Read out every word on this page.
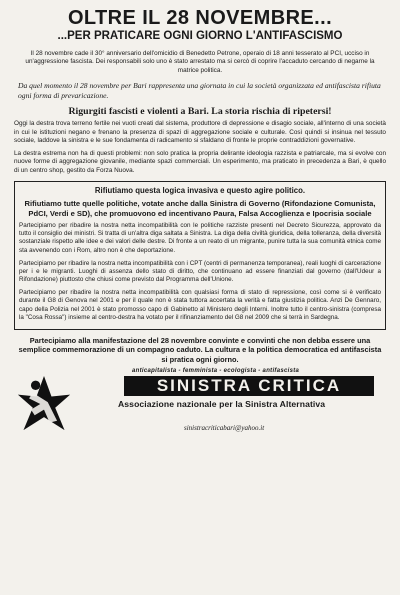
OLTRE IL 28 NOVEMBRE...
...PER PRATICARE OGNI GIORNO L'ANTIFASCISMO
Il 28 novembre cade il 30° anniversario dell'omicidio di Benedetto Petrone, operaio di 18 anni tesserato al PCI, ucciso in un'aggressione fascista. Dei responsabili solo uno è stato arrestato ma si cercò di coprire l'accaduto cercando di negarne la matrice politica.
Da quel momento il 28 novembre per Bari rappresenta una giornata in cui la società organizzata ed antifascista rifiuta ogni forma di prevaricazione.
Rigurgiti fascisti e violenti a Bari. La storia rischia di ripetersi!
Oggi la destra trova terreno fertile nei vuoti creati dal sistema, produttore di depressione e disagio sociale, all'interno di una società in cui le istituzioni negano e frenano la presenza di spazi di aggregazione sociale e culturale. Così quindi si insinua nel tessuto sociale, laddove la sinistra e le sue fondamenta di radicamento si sfaldano di fronte le proprie contraddizioni governative.
La destra estrema non ha di questi problemi: non solo pratica la propria delirante ideologia razzista e patriarcale, ma si evolve con nuove forme di aggregazione giovanile, mediante spazi commerciali. Un esperimento, ma praticato in precedenza a Bari, è quello di un centro shop, gestito da Forza Nuova.
Rifiutiamo questa logica invasiva e questo agire politico.
Rifiutiamo tutte quelle politiche, votate anche dalla Sinistra di Governo (Rifondazione Comunista, PdCI, Verdi e SD), che promuovono ed incentivano Paura, Falsa Accoglienza e Ipocrisia sociale
Partecipiamo per ribadire la nostra netta incompatibilità con le politiche razziste presenti nel Decreto Sicurezza, approvato da tutto il consiglio dei ministri. Si tratta di un'altra diga saltata a Sinistra. La diga della civiltà giuridica, della tolleranza, della diversità sostanziale rispetto alle idee e dei valori delle destre. Di fronte a un reato di un migrante, punire tutta la sua comunità etnica come sta avvenendo con i Rom, altro non è che deportazione.
Partecipiamo per ribadire la nostra netta incompatibilità con i CPT (centri di permanenza temporanea), reali luoghi di carcerazione per i e le migranti. Luoghi di assenza dello stato di diritto, che continuano ad essere finanziati dal governo (dall'Udeur a Rifondazione) piuttosto che chiusi come previsto dal Programma dell'Unione.
Partecipiamo per ribadire la nostra netta incompatibilità con qualsiasi forma di stato di repressione, così come si è verificato durante il G8 di Genova nel 2001 e per il quale non è stata tuttora accertata la verità e fatta giustizia politica. Anzi De Gennaro, capo della Polizia nel 2001 è stato promosso capo di Gabinetto al Ministero degli Interni. Inoltre tutto il centro-sinistra (compresa la "Cosa Rossa") insieme al centro-destra ha votato per il rifinanziamento del G8 nel 2009 che si terrà in Sardegna.
Partecipiamo alla manifestazione del 28 novembre convinte e convinti che non debba essere una semplice commemorazione di un compagno caduto. La cultura e la politica democratica ed antifascista si pratica ogni giorno.
anticapitalista - femminista - ecologista - antifascista
SINISTRA CRITICA
Associazione nazionale per la Sinistra Alternativa
sinistracriticabari@yahoo.it
